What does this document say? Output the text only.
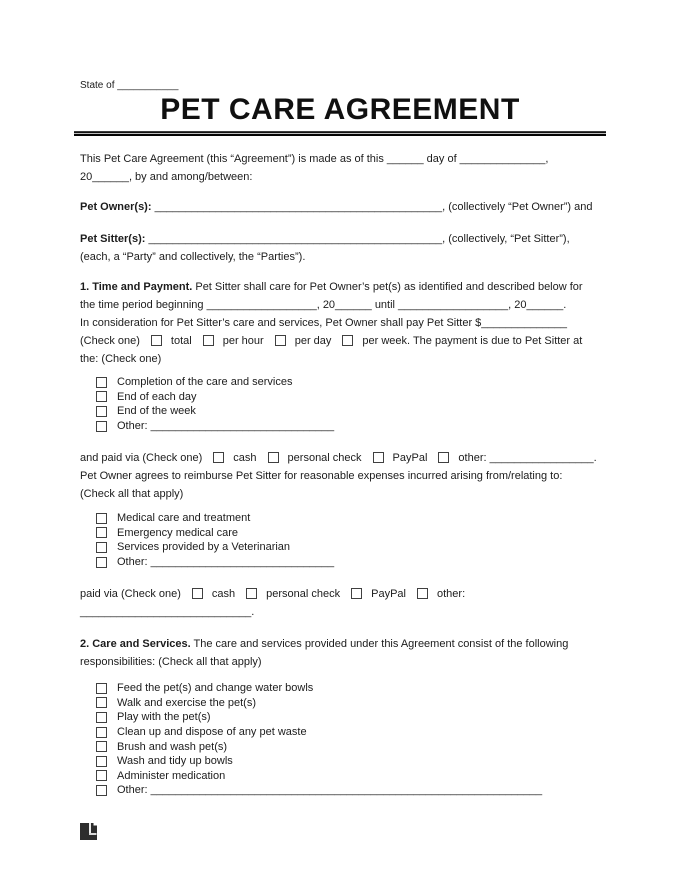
State of ___________
PET CARE AGREEMENT
This Pet Care Agreement (this “Agreement”) is made as of this ______ day of ______________,
20______, by and among/between:
Pet Owner(s): _______________________________________________, (collectively “Pet Owner”) and
Pet Sitter(s): ________________________________________________, (collectively, “Pet Sitter”),
(each, a “Party” and collectively, the “Parties”).
1. Time and Payment. Pet Sitter shall care for Pet Owner’s pet(s) as identified and described below for
the time period beginning __________________, 20______ until __________________, 20______.
In consideration for Pet Sitter’s care and services, Pet Owner shall pay Pet Sitter $______________
(Check one)	total	per hour	per day	per week. The payment is due to Pet Sitter at
the: (Check one)
Completion of the care and services
End of each day
End of the week
Other: ______________________________
and paid via (Check one)	cash	personal check	PayPal	other: _________________.
Pet Owner agrees to reimburse Pet Sitter for reasonable expenses incurred arising from/relating to:
(Check all that apply)
Medical care and treatment
Emergency medical care
Services provided by a Veterinarian
Other: ______________________________
paid via (Check one)	cash	personal check	PayPal	other:
____________________________.
2. Care and Services. The care and services provided under this Agreement consist of the following
responsibilities: (Check all that apply)
Feed the pet(s) and change water bowls
Walk and exercise the pet(s)
Play with the pet(s)
Clean up and dispose of any pet waste
Brush and wash pet(s)
Wash and tidy up bowls
Administer medication
Other: ________________________________________________________________
